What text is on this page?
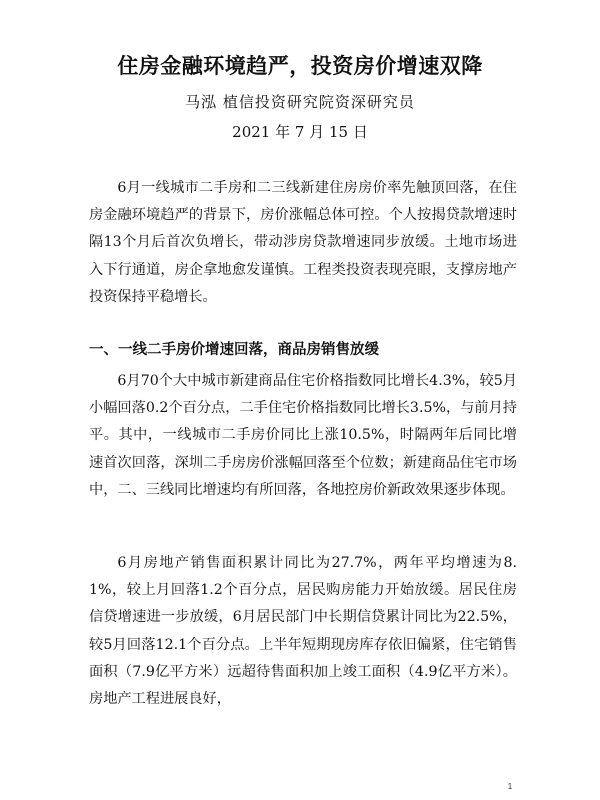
住房金融环境趋严，投资房价增速双降
马泓 植信投资研究院资深研究员
2021 年 7 月 15 日

6月一线城市二手房和二三线新建住房房价率先触顶回落，在住房金融环境趋严的背景下，房价涨幅总体可控。个人按揭贷款增速时隔13个月后首次负增长，带动涉房贷款增速同步放缓。土地市场进入下行通道，房企拿地愈发谨慎。工程类投资表现亮眼，支撑房地产投资保持平稳增长。

一、一线二手房价增速回落，商品房销售放缓

6月70个大中城市新建商品住宅价格指数同比增长4.3%，较5月小幅回落0.2个百分点，二手住宅价格指数同比增长3.5%，与前月持平。其中，一线城市二手房价同比上涨10.5%，时隔两年后同比增速首次回落，深圳二手房房价涨幅回落至个位数；新建商品住宅市场中，二、三线同比增速均有所回落，各地控房价新政效果逐步体现。

6月房地产销售面积累计同比为27.7%，两年平均增速为8.1%，较上月回落1.2个百分点，居民购房能力开始放缓。居民住房信贷增速进一步放缓，6月居民部门中长期信贷累计同比为22.5%，较5月回落12.1个百分点。上半年短期现房库存依旧偏紧，住宅销售面积（7.9亿平方米）远超待售面积加上竣工面积（4.9亿平方米）。房地产工程进展良好，

1
